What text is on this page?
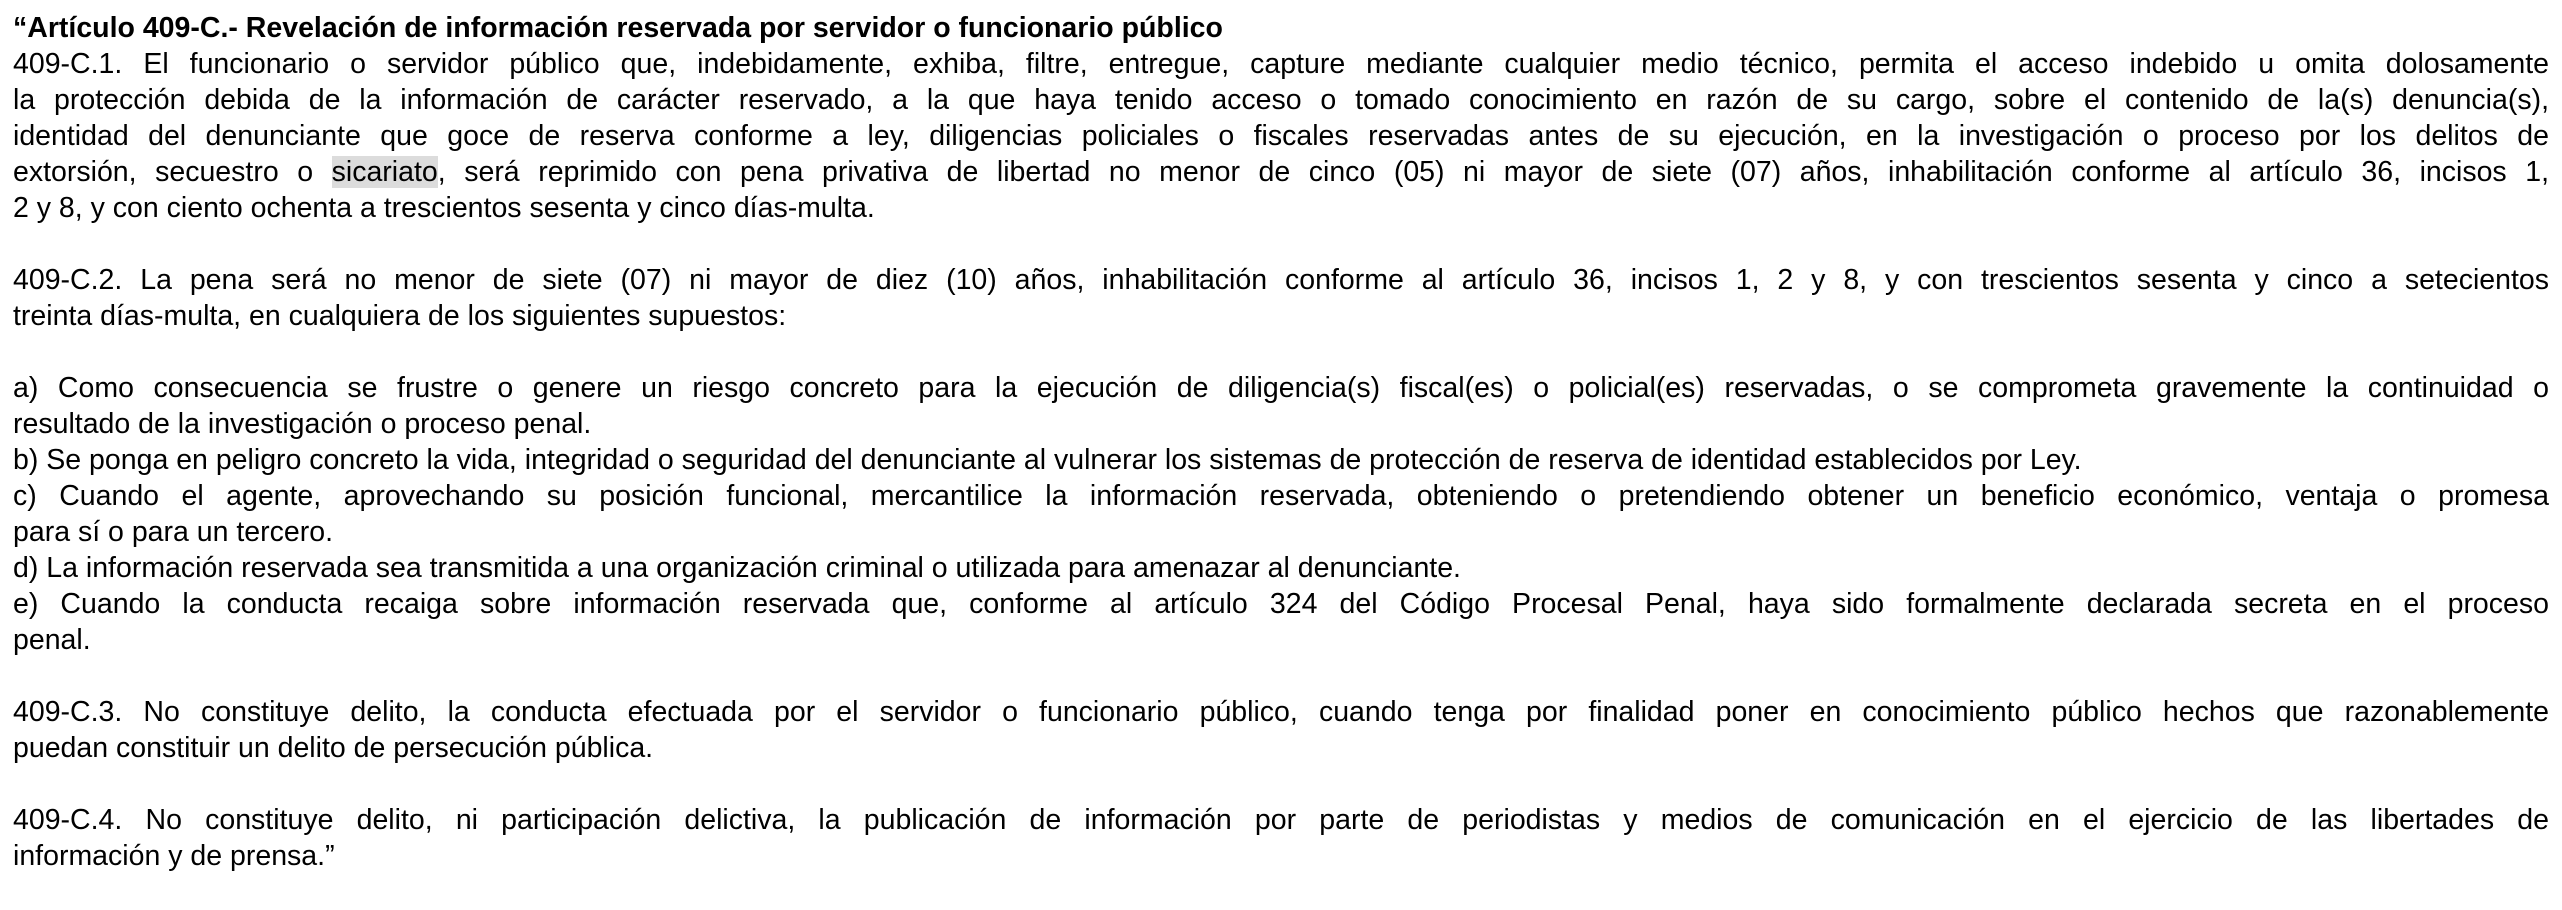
“Artículo 409-C.- Revelación de información reservada por servidor o funcionario público
409-C.1. El funcionario o servidor público que, indebidamente, exhiba, filtre, entregue, capture mediante cualquier medio técnico, permita el acceso indebido u omita dolosamente
la protección debida de la información de carácter reservado, a la que haya tenido acceso o tomado conocimiento en razón de su cargo, sobre el contenido de la(s) denuncia(s),
identidad del denunciante que goce de reserva conforme a ley, diligencias policiales o fiscales reservadas antes de su ejecución, en la investigación o proceso por los delitos de
extorsión, secuestro o sicariato, será reprimido con pena privativa de libertad no menor de cinco (05) ni mayor de siete (07) años, inhabilitación conforme al artículo 36, incisos 1,
2 y 8, y con ciento ochenta a trescientos sesenta y cinco días-multa.
409-C.2. La pena será no menor de siete (07) ni mayor de diez (10) años, inhabilitación conforme al artículo 36, incisos 1, 2 y 8, y con trescientos sesenta y cinco a setecientos
treinta días-multa, en cualquiera de los siguientes supuestos:
a) Como consecuencia se frustre o genere un riesgo concreto para la ejecución de diligencia(s) fiscal(es) o policial(es) reservadas, o se comprometa gravemente la continuidad o
resultado de la investigación o proceso penal.
b) Se ponga en peligro concreto la vida, integridad o seguridad del denunciante al vulnerar los sistemas de protección de reserva de identidad establecidos por Ley.
c) Cuando el agente, aprovechando su posición funcional, mercantilice la información reservada, obteniendo o pretendiendo obtener un beneficio económico, ventaja o promesa
para sí o para un tercero.
d) La información reservada sea transmitida a una organización criminal o utilizada para amenazar al denunciante.
e) Cuando la conducta recaiga sobre información reservada que, conforme al artículo 324 del Código Procesal Penal, haya sido formalmente declarada secreta en el proceso
penal.
409-C.3. No constituye delito, la conducta efectuada por el servidor o funcionario público, cuando tenga por finalidad poner en conocimiento público hechos que razonablemente
puedan constituir un delito de persecución pública.
409-C.4. No constituye delito, ni participación delictiva, la publicación de información por parte de periodistas y medios de comunicación en el ejercicio de las libertades de
información y de prensa.”
